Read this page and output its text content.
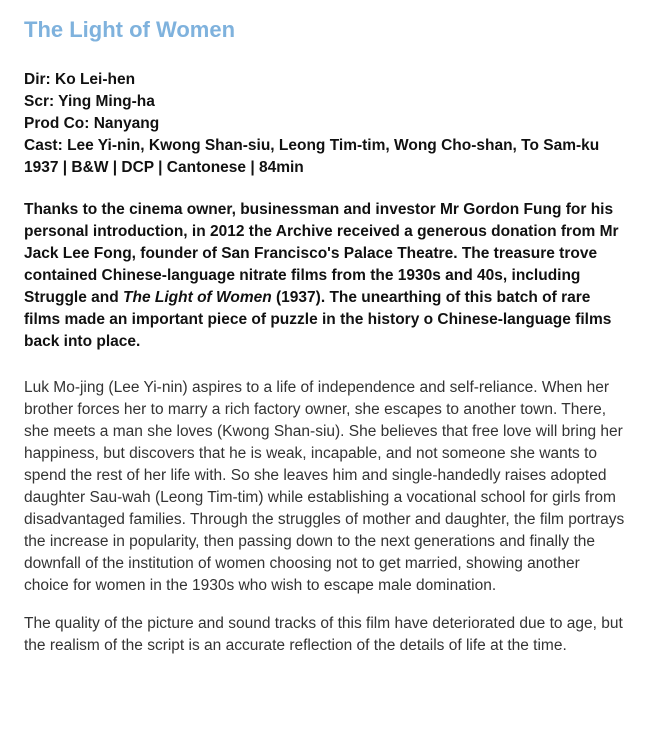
The Light of Women
Dir: Ko Lei-hen
Scr: Ying Ming-ha
Prod Co: Nanyang
Cast: Lee Yi-nin, Kwong Shan-siu, Leong Tim-tim, Wong Cho-shan, To Sam-ku
1937 | B&W | DCP | Cantonese | 84min
Thanks to the cinema owner, businessman and investor Mr Gordon Fung for his personal introduction, in 2012 the Archive received a generous donation from Mr Jack Lee Fong, founder of San Francisco's Palace Theatre. The treasure trove contained Chinese-language nitrate films from the 1930s and 40s, including Struggle and The Light of Women (1937). The unearthing of this batch of rare films made an important piece of puzzle in the history o Chinese-language films back into place.

Luk Mo-jing (Lee Yi-nin) aspires to a life of independence and self-reliance. When her brother forces her to marry a rich factory owner, she escapes to another town. There, she meets a man she loves (Kwong Shan-siu). She believes that free love will bring her happiness, but discovers that he is weak, incapable, and not someone she wants to spend the rest of her life with. So she leaves him and single-handedly raises adopted daughter Sau-wah (Leong Tim-tim) while establishing a vocational school for girls from disadvantaged families. Through the struggles of mother and daughter, the film portrays the increase in popularity, then passing down to the next generations and finally the downfall of the institution of women choosing not to get married, showing another choice for women in the 1930s who wish to escape male domination.

The quality of the picture and sound tracks of this film have deteriorated due to age, but the realism of the script is an accurate reflection of the details of life at the time.
